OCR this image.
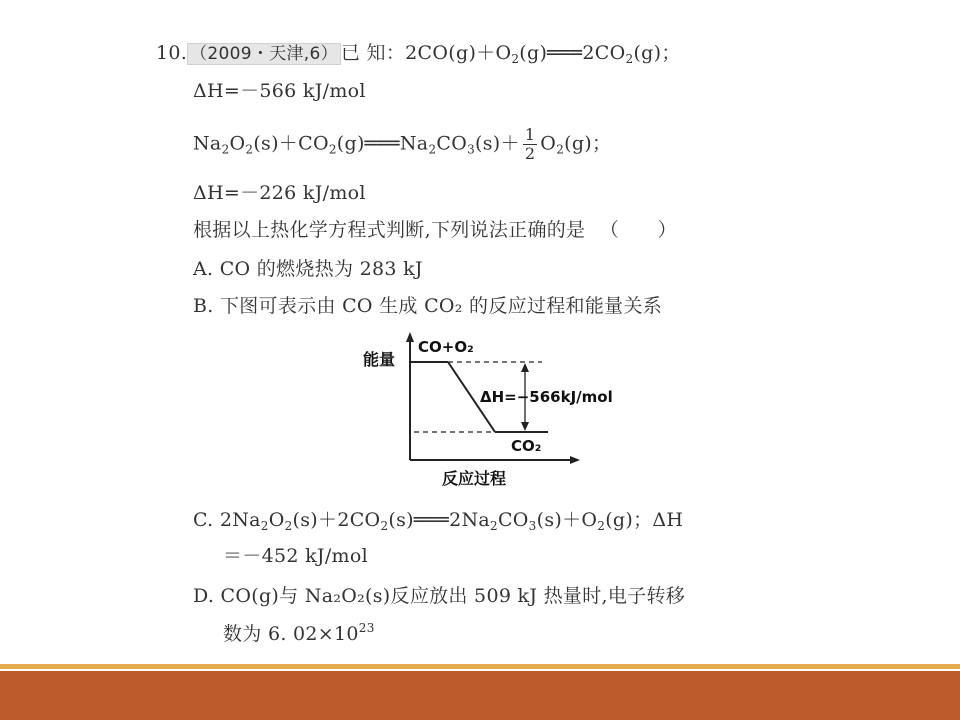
10. （2009・天津,6） 已 知：$2CO(g)+O_2(g)═══2CO_2(g)$；
ΔH=－566 kJ/mol
$Na_2O_2(s)+CO_2(g)═══Na_2CO_3(s)+ \frac{1}{2} O_2(g)$；
ΔH=－226 kJ/mol
根据以上热化学方程式判断,下列说法正确的是 （　　）
A. CO 的燃烧热为 283 kJ
B. 下图可表示由 CO 生成 CO₂ 的反应过程和能量关系
能量
CO+O₂
ΔH=−566kJ/mol
CO₂
反应过程
C. $2Na_2O_2(s)+2CO_2(s)═══2Na_2CO_3(s)+O_2(g)$；ΔH
＝－452 kJ/mol
D. CO(g)与 Na₂O₂(s)反应放出 509 kJ 热量时,电子转移
数为 6. $02\times 10^{23}$
